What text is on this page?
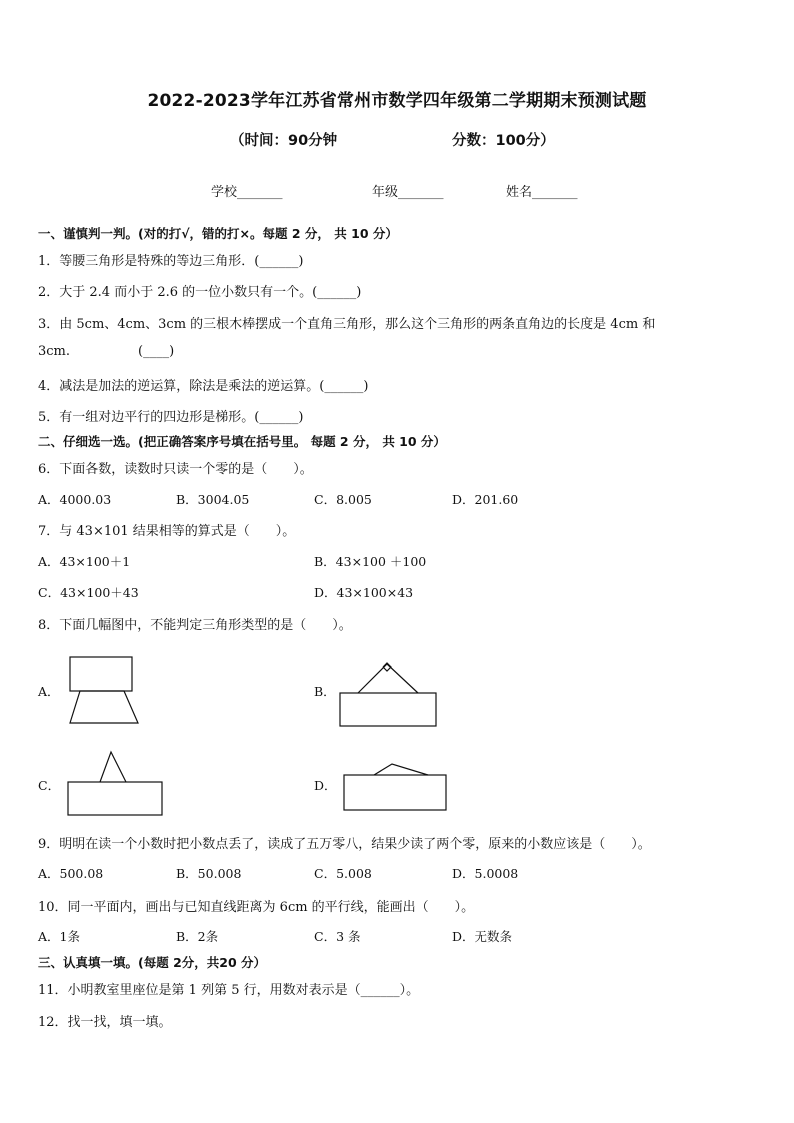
2022-2023学年江苏省常州市数学四年级第二学期期末预测试题
（时间：90分钟	分数：100分）
学校_______	年级_______	姓名_______
一、谨慎判一判。(对的打√，错的打×。每题 2 分， 共 10 分）
1．等腰三角形是特殊的等边三角形．(______)
2．大于 2.4 而小于 2.6 的一位小数只有一个。(______)
3．由 5cm、4cm、3cm 的三根木棒摆成一个直角三角形，那么这个三角形的两条直角边的长度是 4cm 和
3cm.	(____)
4．减法是加法的逆运算，除法是乘法的逆运算。(______)
5．有一组对边平行的四边形是梯形。(______)
二、仔细选一选。(把正确答案序号填在括号里。 每题 2 分， 共 10 分）
6．下面各数，读数时只读一个零的是（　　）。
A．4000.03	B．3004.05	C．8.005	D．201.60
7．与 43×101 结果相等的算式是（　　）。
A．43×100＋1	B．43×100 ＋100
C．43×100＋43	D．43×100×43
8．下面几幅图中，不能判定三角形类型的是（　　）。
A．	B．
C．	D．
9．明明在读一个小数时把小数点丢了，读成了五万零八，结果少读了两个零，原来的小数应该是（　　）。
A．500.08	B．50.008	C．5.008	D．5.0008
10．同一平面内，画出与已知直线距离为 6cm 的平行线，能画出（　　）。
A．1条	B．2条	C．3 条	D．无数条
三、认真填一填。(每题 2分，共20 分）
11．小明教室里座位是第 1 列第 5 行，用数对表示是（______）。
12．找一找，填一填。
